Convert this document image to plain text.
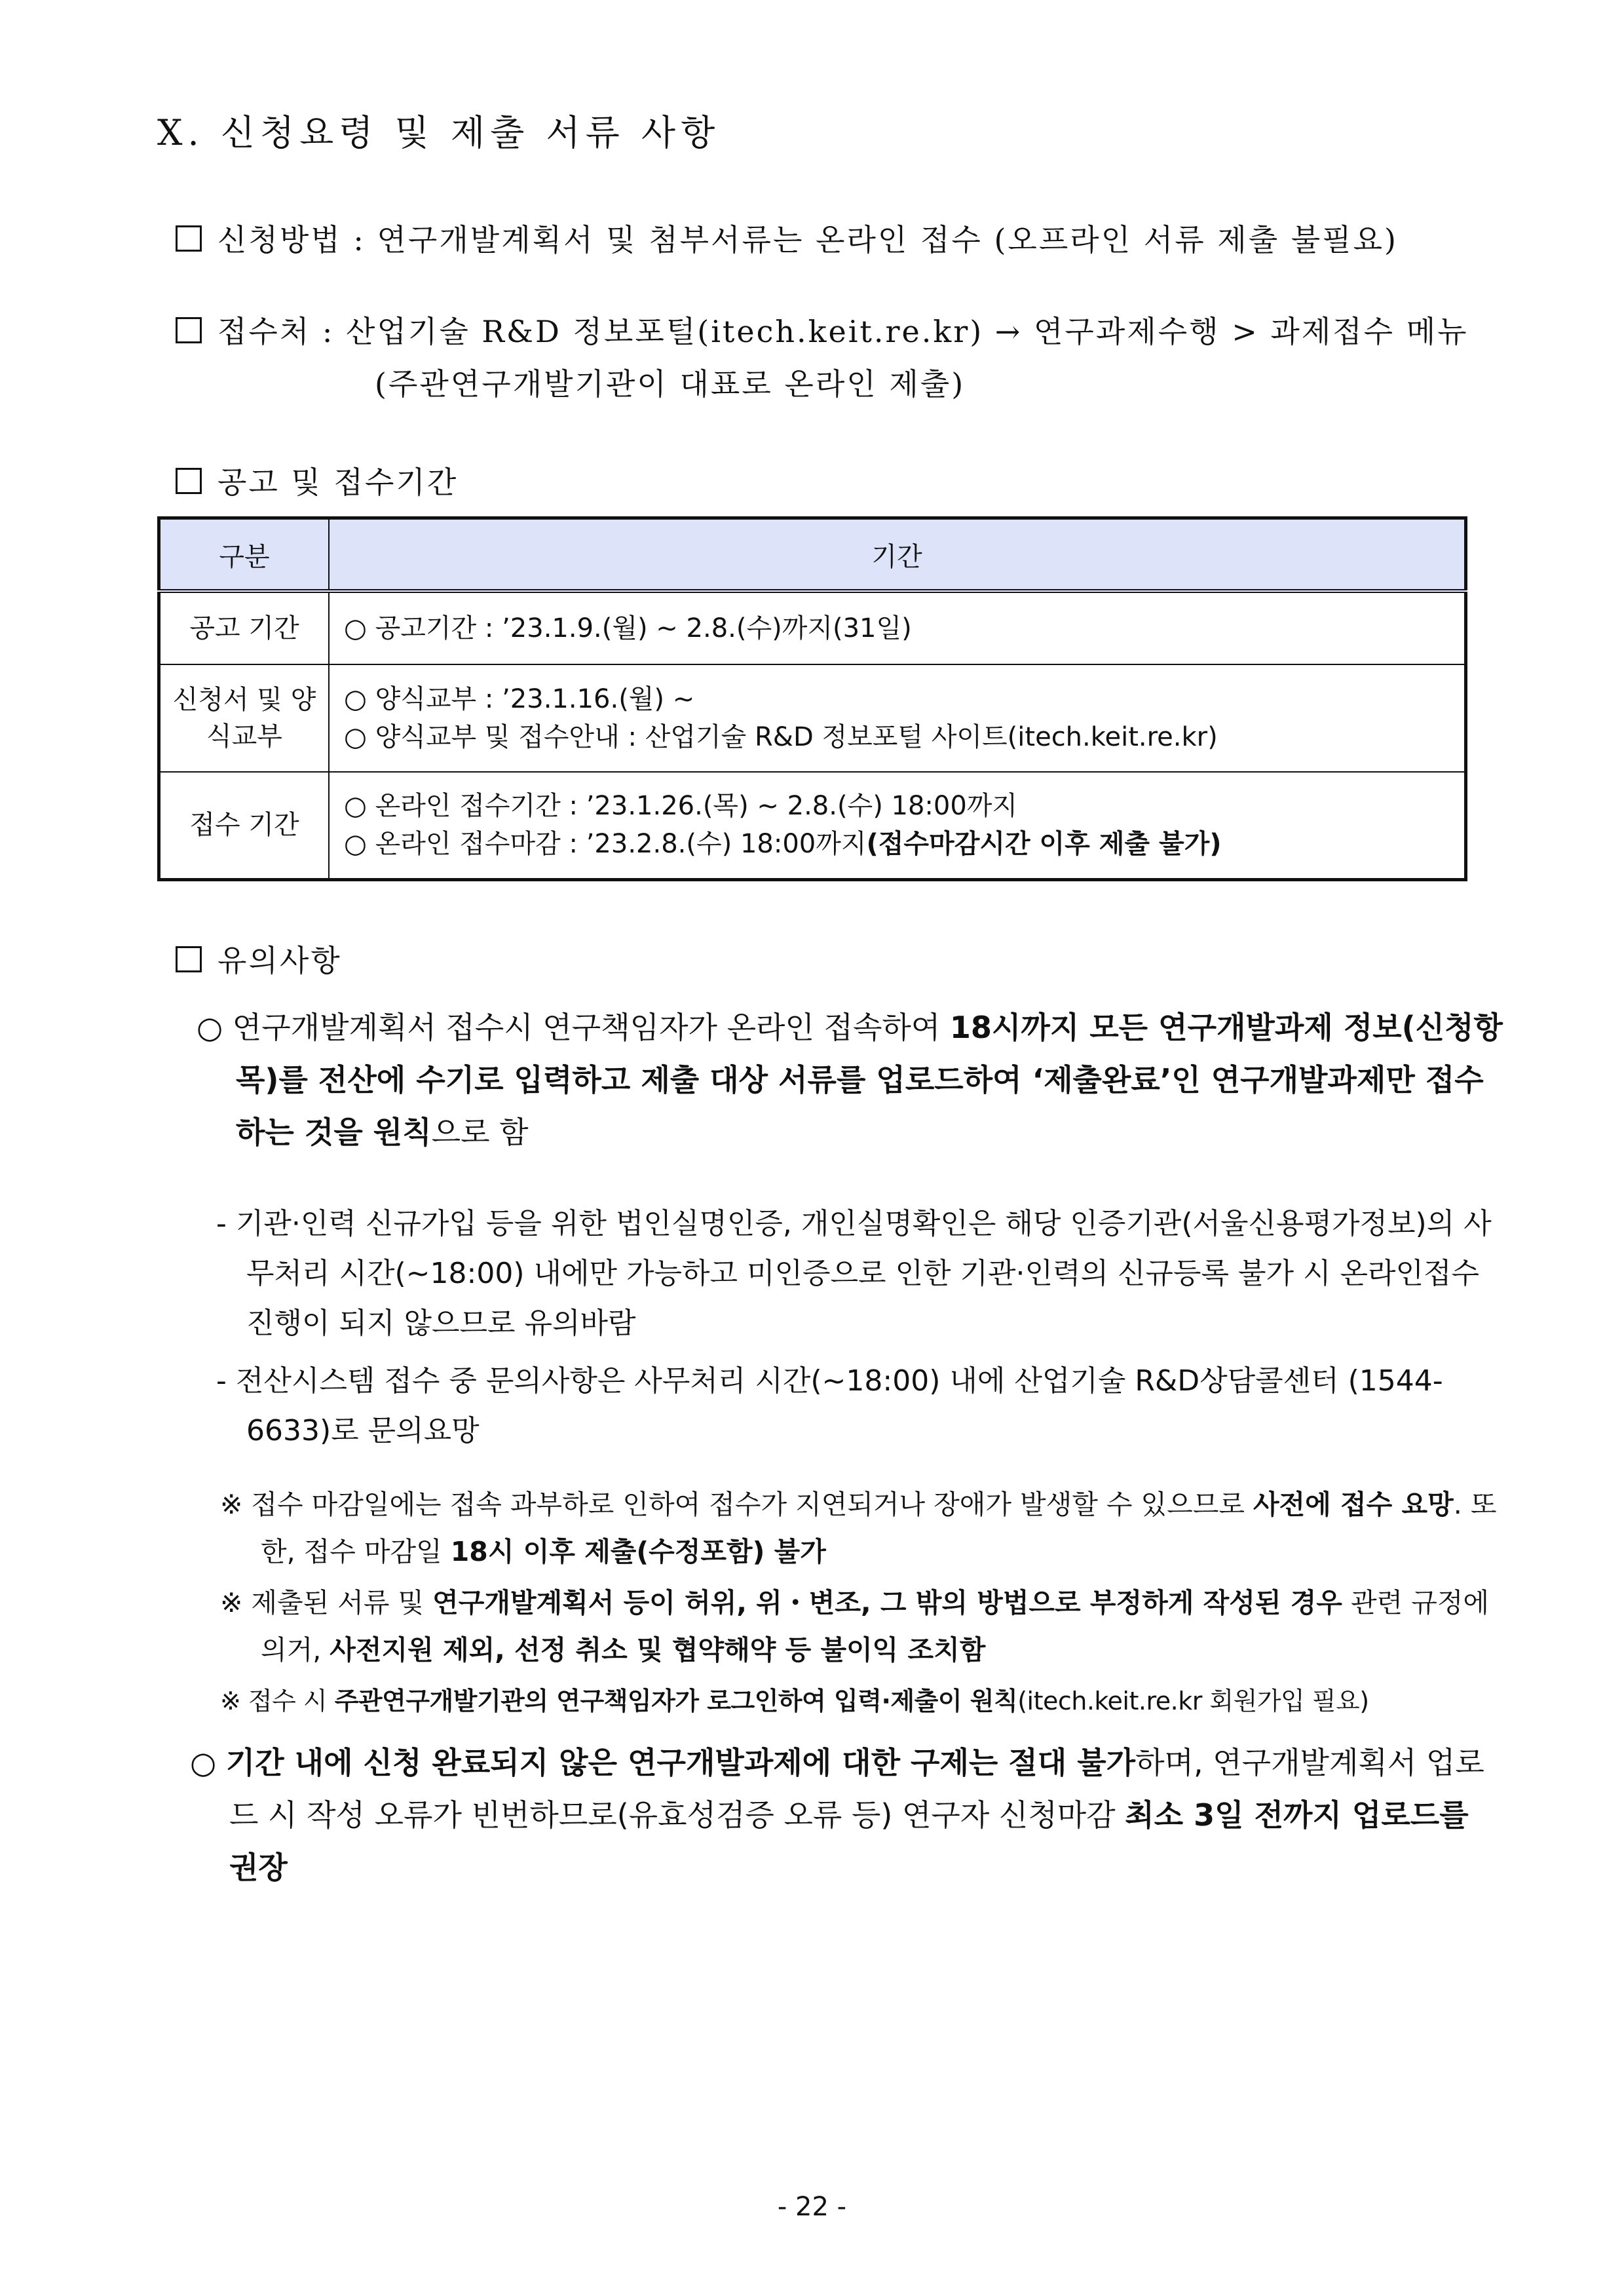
X. 신청요령 및 제출 서류 사항
신청방법 : 연구개발계획서 및 첨부서류는 온라인 접수 (오프라인 서류 제출 불필요)
접수처 : 산업기술 R&D 정보포털(itech.keit.re.kr) → 연구과제수행 > 과제접수 메뉴
(주관연구개발기관이 대표로 온라인 제출)
공고 및 접수기간
구분	기간
공고 기간	○ 공고기간 : ’23.1.9.(월) ~ 2.8.(수)까지(31일)

신청서 및 양식교부	○ 양식교부 : ’23.1.16.(월) ~
○ 양식교부 및 접수안내 : 산업기술 R&D 정보포털 사이트(itech.keit.re.kr)

접수 기간	○ 온라인 접수기간 : ’23.1.26.(목) ~ 2.8.(수) 18:00까지
○ 온라인 접수마감 : ’23.2.8.(수) 18:00까지(접수마감시간 이후 제출 불가)
유의사항
○ 연구개발계획서 접수시 연구책임자가 온라인 접속하여 18시까지 모든 연구개발과제 정보(신청항목)를 전산에 수기로 입력하고 제출 대상 서류를 업로드하여 ‘제출완료’인 연구개발과제만 접수하는 것을 원칙으로 함
- 기관·인력 신규가입 등을 위한 법인실명인증, 개인실명확인은 해당 인증기관(서울신용평가정보)의 사무처리 시간(~18:00) 내에만 가능하고 미인증으로 인한 기관·인력의 신규등록 불가 시 온라인접수 진행이 되지 않으므로 유의바람
- 전산시스템 접수 중 문의사항은 사무처리 시간(~18:00) 내에 산업기술 R&D상담콜센터 (1544-6633)로 문의요망
※ 접수 마감일에는 접속 과부하로 인하여 접수가 지연되거나 장애가 발생할 수 있으므로 사전에 접수 요망. 또한, 접수 마감일 18시 이후 제출(수정포함) 불가
※ 제출된 서류 및 연구개발계획서 등이 허위, 위・변조, 그 밖의 방법으로 부정하게 작성된 경우 관련 규정에 의거, 사전지원 제외, 선정 취소 및 협약해약 등 불이익 조치함
※ 접수 시 주관연구개발기관의 연구책임자가 로그인하여 입력·제출이 원칙(itech.keit.re.kr 회원가입 필요)
○ 기간 내에 신청 완료되지 않은 연구개발과제에 대한 구제는 절대 불가하며, 연구개발계획서 업로드 시 작성 오류가 빈번하므로(유효성검증 오류 등) 연구자 신청마감 최소 3일 전까지 업로드를 권장
- 22 -
